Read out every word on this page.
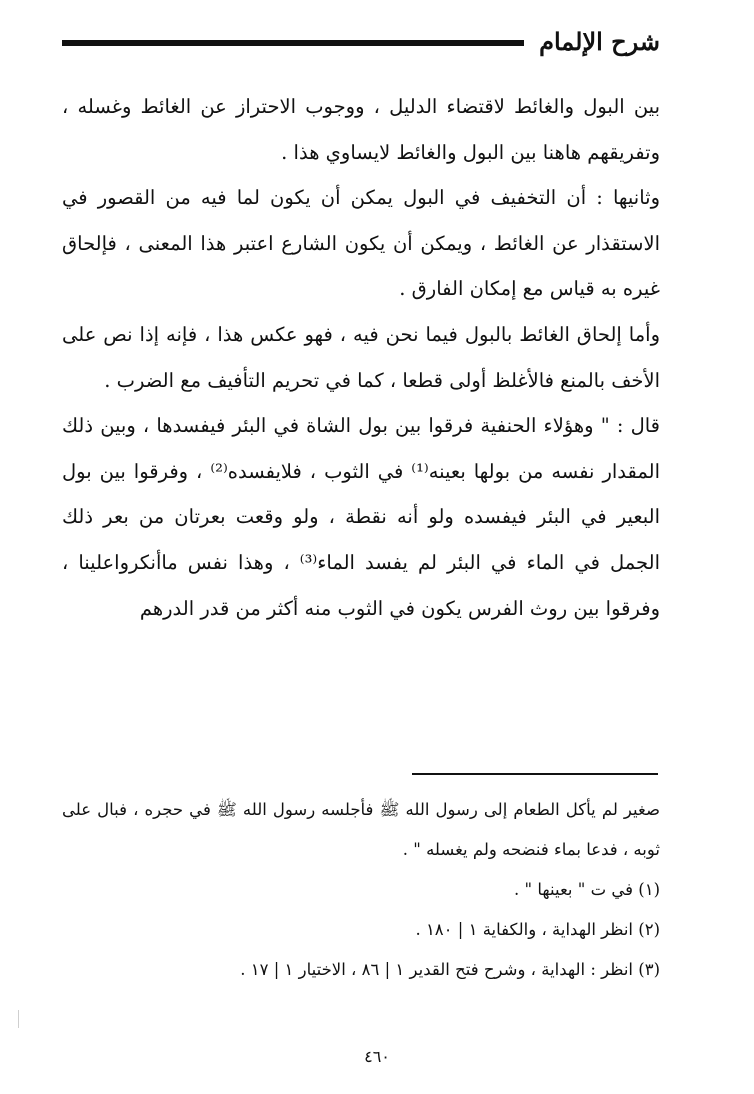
شرح الإلمام

بين البول والغائط لاقتضاء الدليل ، ووجوب الاحتراز عن الغائط وغسله ، وتفريقهم هاهنا بين البول والغائط لايساوي هذا .

وثانيها : أن التخفيف في البول يمكن أن يكون لما فيه من القصور في الاستقذار عن الغائط ، ويمكن أن يكون الشارع اعتبر هذا المعنى ، فإلحاق غيره به قياس مع إمكان الفارق .

وأما إلحاق الغائط بالبول فيما نحن فيه ، فهو عكس هذا ، فإنه إذا نص على الأخف بالمنع فالأغلظ أولى قطعا ، كما في تحريم التأفيف مع الضرب .

قال : " وهؤلاء الحنفية فرقوا بين بول الشاة في البئر فيفسدها ، وبين ذلك المقدار نفسه من بولها بعينه⁽¹⁾ في الثوب ، فلايفسده⁽²⁾ ، وفرقوا بين بول البعير في البئر فيفسده ولو أنه نقطة ، ولو وقعت بعرتان من بعر ذلك الجمل في الماء في البئر لم يفسد الماء⁽³⁾ ، وهذا نفس ماأنكرواعلينا ، وفرقوا بين روث الفرس يكون في الثوب منه أكثر من قدر الدرهم

صغير لم يأكل الطعام إلى رسول الله ﷺ فأجلسه رسول الله ﷺ في حجره ، فبال على ثوبه ، فدعا بماء فنضحه ولم يغسله " .

(١) في ت " بعينها " .

(٢) انظر الهداية ، والكفاية ١ | ١٨٠ .

(٣) انظر : الهداية ، وشرح فتح القدير ١ | ٨٦ ، الاختيار ١ | ١٧ .

٤٦٠
